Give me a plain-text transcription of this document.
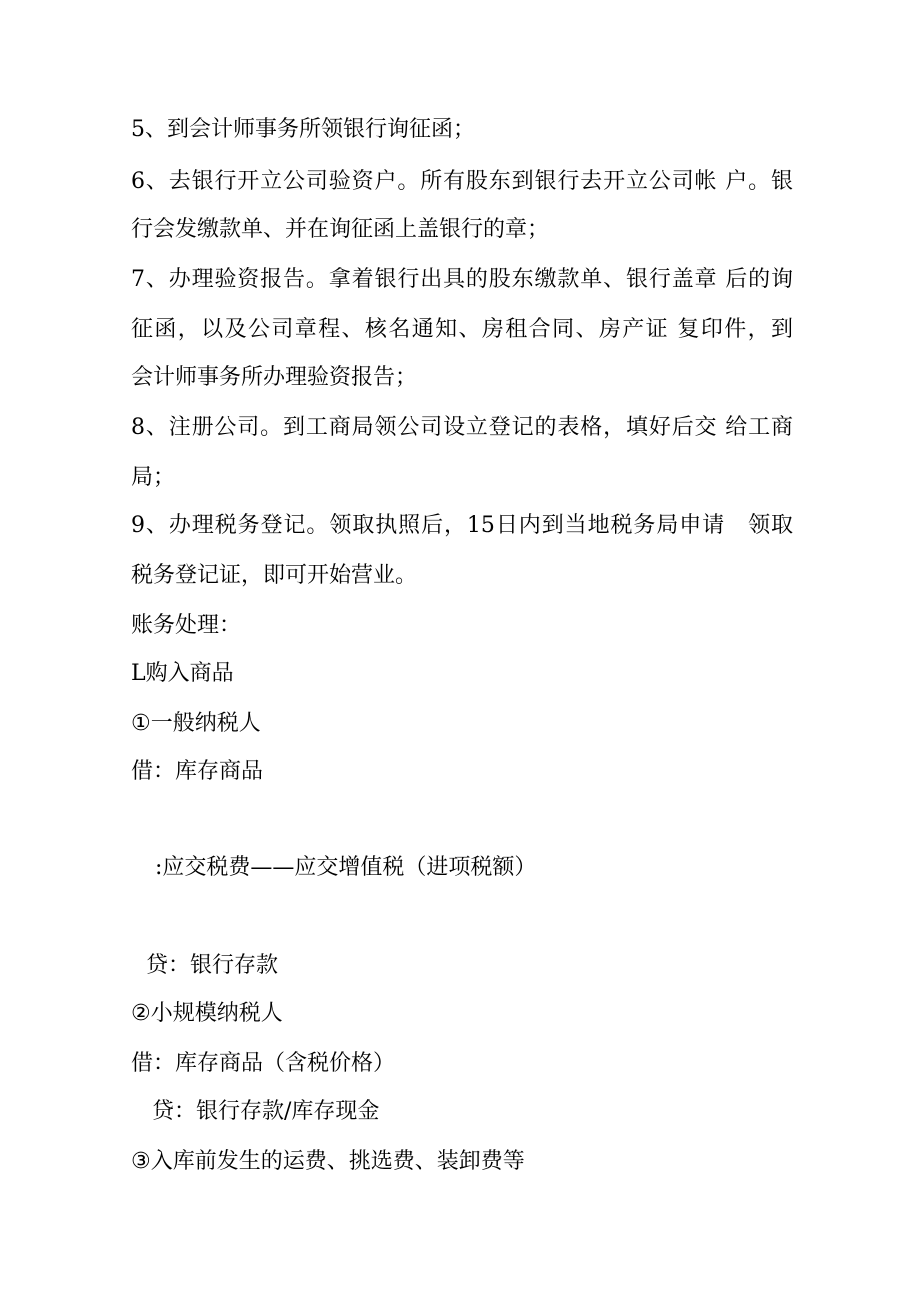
5、到会计师事务所领银行询征函；
6、去银行开立公司验资户。所有股东到银行去开立公司帐 户。银
行会发缴款单、并在询征函上盖银行的章；
7、办理验资报告。拿着银行出具的股东缴款单、银行盖章 后的询
征函，以及公司章程、核名通知、房租合同、房产证 复印件，到
会计师事务所办理验资报告；
8、注册公司。到工商局领公司设立登记的表格，填好后交 给工商
局；
9、办理税务登记。领取执照后，15日内到当地税务局申请　领取
税务登记证，即可开始营业。
账务处理：
L购入商品
①一般纳税人
借：库存商品
:应交税费——应交增值税（进项税额）
贷：银行存款
②小规模纳税人
借：库存商品（含税价格）
贷：银行存款/库存现金
③入库前发生的运费、挑选费、装卸费等
